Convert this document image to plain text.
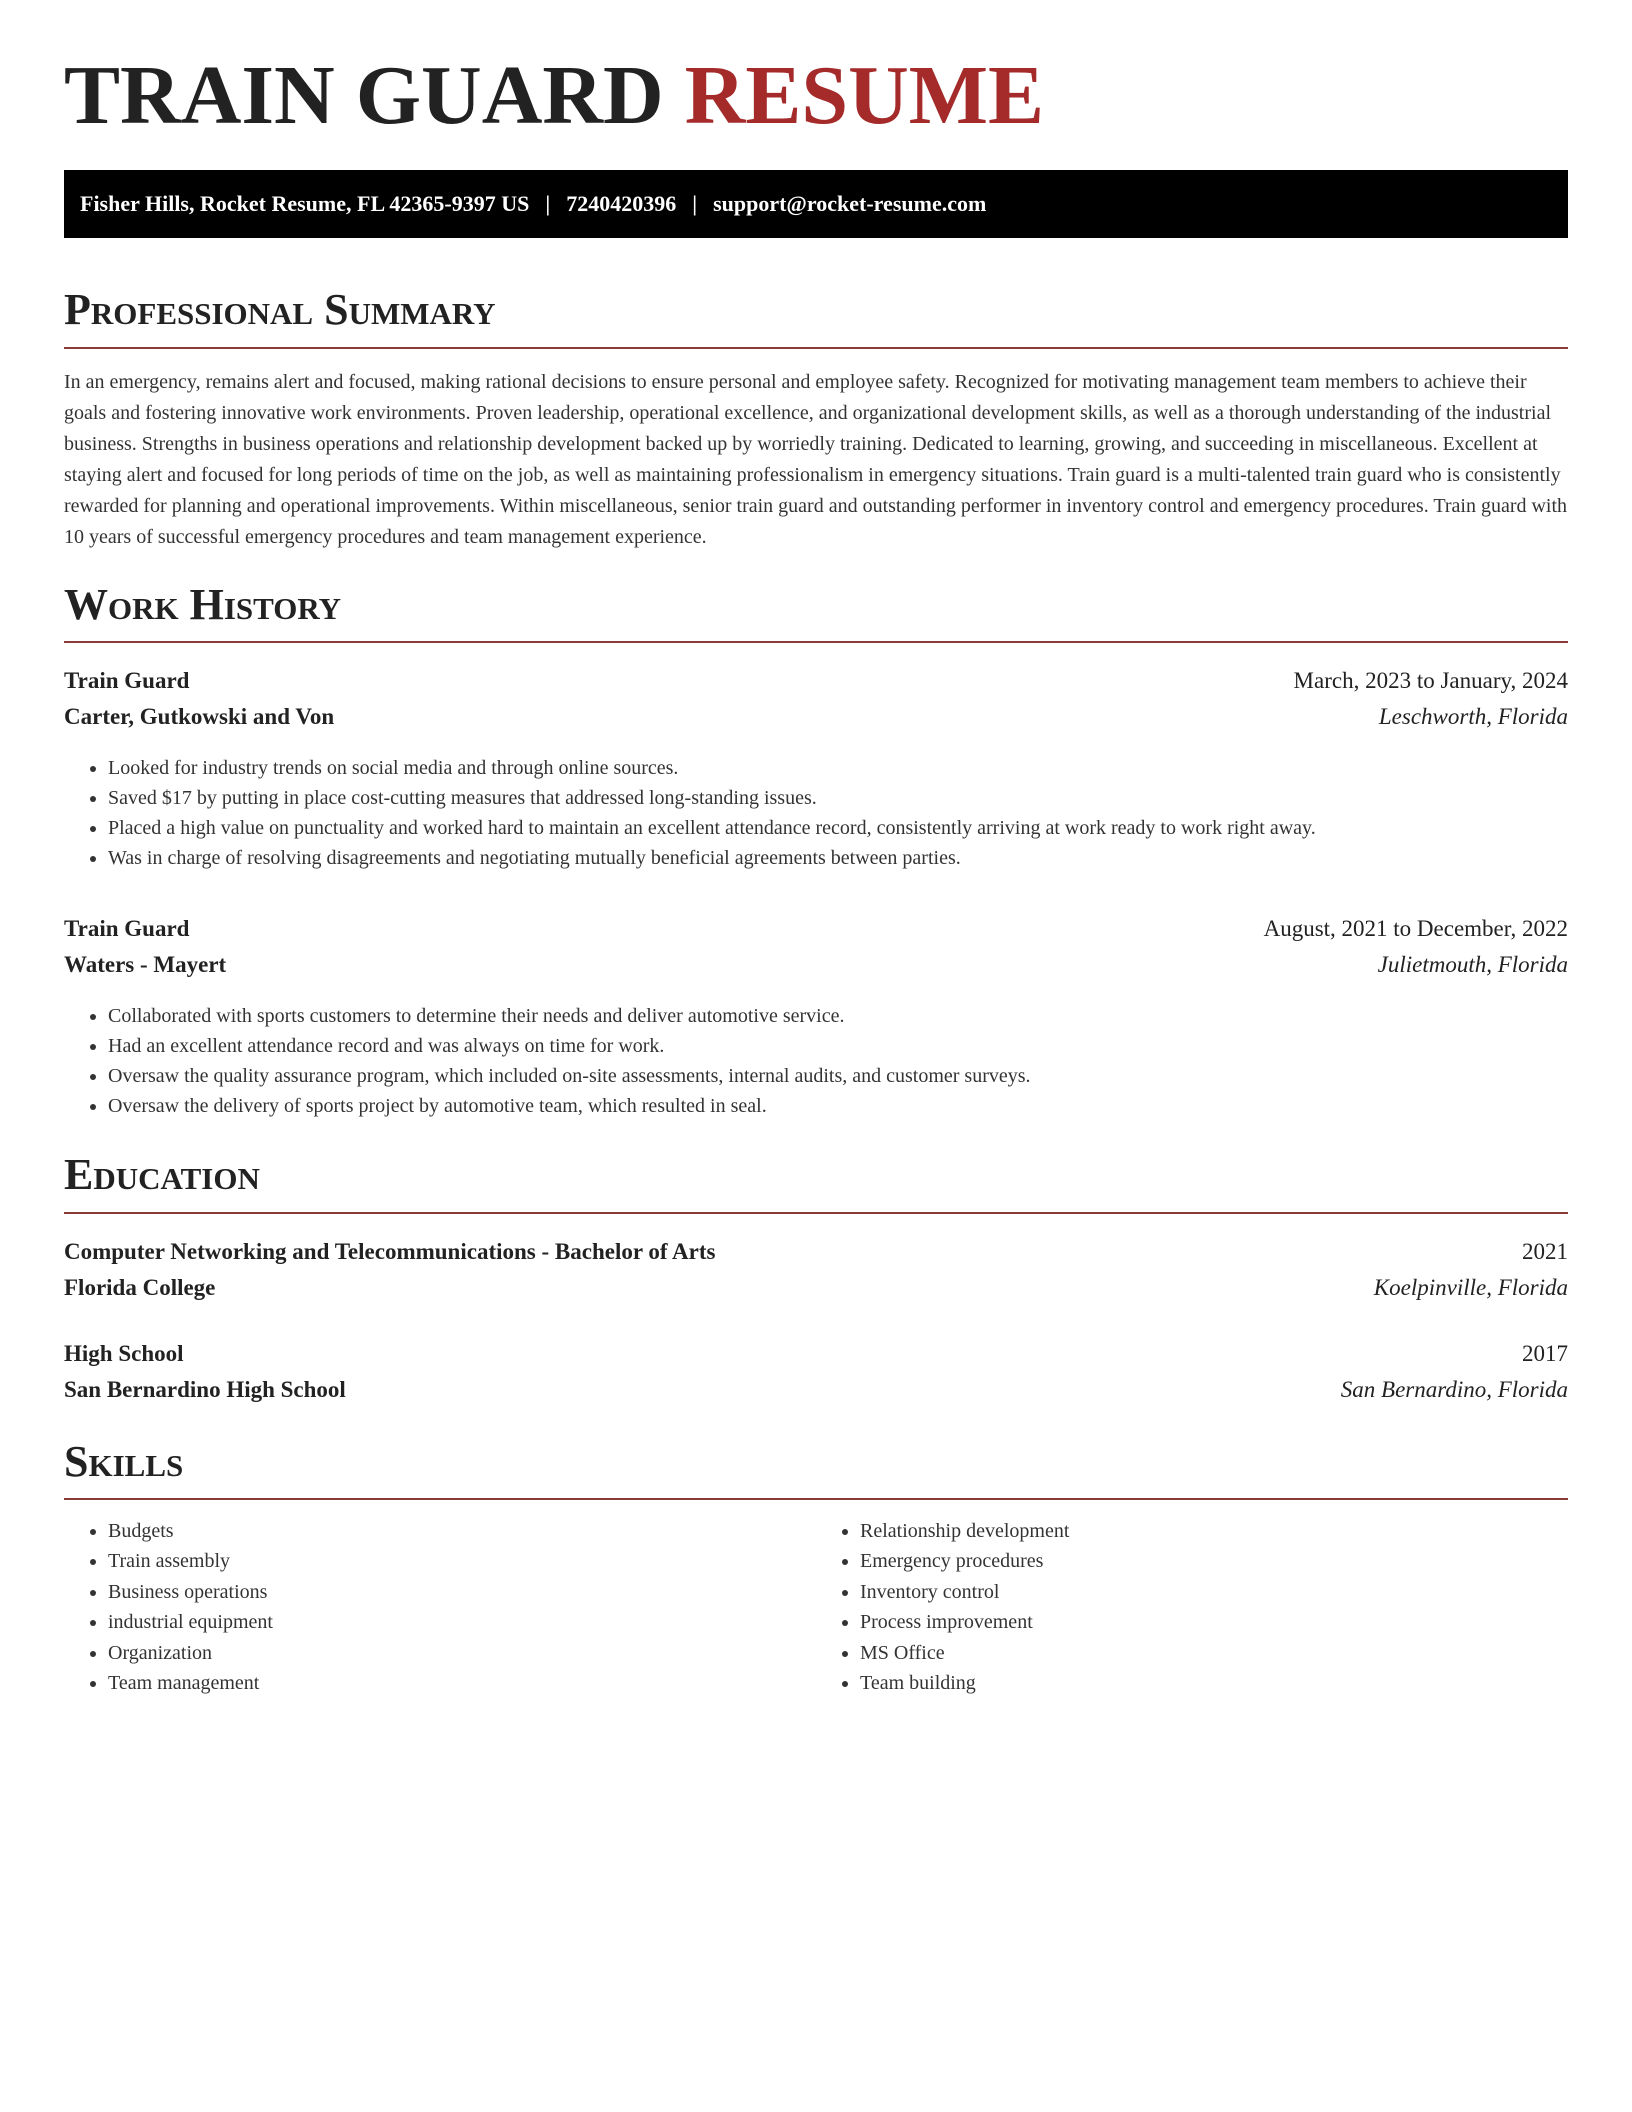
TRAIN GUARD RESUME
Fisher Hills, Rocket Resume, FL 42365-9397 US | 7240420396 | support@rocket-resume.com
Professional Summary

In an emergency, remains alert and focused, making rational decisions to ensure personal and employee safety. Recognized for motivating management team members to achieve their goals and fostering innovative work environments. Proven leadership, operational excellence, and organizational development skills, as well as a thorough understanding of the industrial business. Strengths in business operations and relationship development backed up by worriedly training. Dedicated to learning, growing, and succeeding in miscellaneous. Excellent at staying alert and focused for long periods of time on the job, as well as maintaining professionalism in emergency situations. Train guard is a multi-talented train guard who is consistently rewarded for planning and operational improvements. Within miscellaneous, senior train guard and outstanding performer in inventory control and emergency procedures. Train guard with 10 years of successful emergency procedures and team management experience.

Work History
Train Guard	March, 2023 to January, 2024
Carter, Gutkowski and Von	Leschworth, Florida
• Looked for industry trends on social media and through online sources.
• Saved $17 by putting in place cost-cutting measures that addressed long-standing issues.
• Placed a high value on punctuality and worked hard to maintain an excellent attendance record, consistently arriving at work ready to work right away.
• Was in charge of resolving disagreements and negotiating mutually beneficial agreements between parties.
Train Guard	August, 2021 to December, 2022
Waters - Mayert	Julietmouth, Florida
• Collaborated with sports customers to determine their needs and deliver automotive service.
• Had an excellent attendance record and was always on time for work.
• Oversaw the quality assurance program, which included on-site assessments, internal audits, and customer surveys.
• Oversaw the delivery of sports project by automotive team, which resulted in seal.
Education
Computer Networking and Telecommunications - Bachelor of Arts	2021
Florida College	Koelpinville, Florida
High School	2017
San Bernardino High School	San Bernardino, Florida
Skills
• Budgets
• Train assembly
• Business operations
• industrial equipment
• Organization
• Team management
• Relationship development
• Emergency procedures
• Inventory control
• Process improvement
• MS Office
• Team building
